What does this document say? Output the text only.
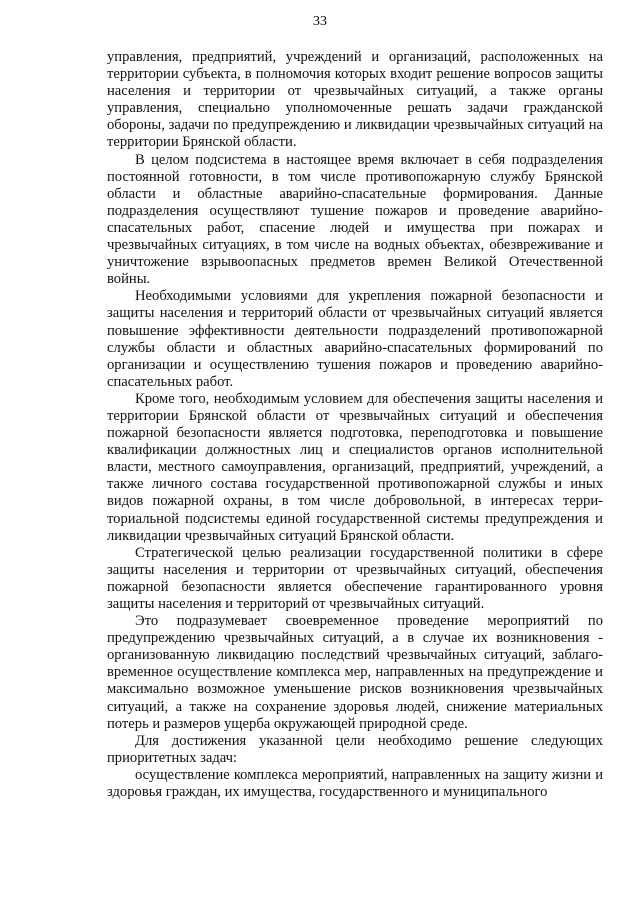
33

управления, предприятий, учреждений и организаций, расположенных на территории субъекта, в полномочия которых входит решение вопросов защиты населения и территории от чрезвычайных ситуаций, а также органы управления, специально уполномоченные решать задачи гражданской обороны, задачи по предупреждению и ликвидации чрезвычайных ситуаций на территории Брянской области.

В целом подсистема в настоящее время включает в себя подразделения постоянной готовности, в том числе противопожарную службу Брянской области и областные аварийно-спасательные формирования. Данные подразделения осуществляют тушение пожаров и проведение аварийно-спасательных работ, спасение людей и имущества при пожарах и чрезвычайных ситуациях, в том числе на водных объектах, обезвреживание и уничтожение взрывоопасных предметов времен Великой Отечественной войны.

Необходимыми условиями для укрепления пожарной безопасности и защиты населения и территорий области от чрезвычайных ситуаций является повышение эффективности деятельности подразделений противопожарной службы области и областных аварийно-спасательных формирований по организации и осуществлению тушения пожаров и проведению аварийно-спасательных работ.

Кроме того, необходимым условием для обеспечения защиты населения и территории Брянской области от чрезвычайных ситуаций и обеспечения пожарной безопасности является подготовка, переподготовка и повышение квалификации должностных лиц и специалистов органов исполнительной власти, местного самоуправления, организаций, предприятий, учреждений, а также личного состава государственной противопожарной службы и иных видов пожарной охраны, в том числе добровольной, в интересах территориальной подсистемы единой государственной системы предупреждения и ликвидации чрезвычайных ситуаций Брянской области.

Стратегической целью реализации государственной политики в сфере защиты населения и территории от чрезвычайных ситуаций, обеспечения пожарной безопасности является обеспечение гарантированного уровня защиты населения и территорий от чрезвычайных ситуаций.

Это подразумевает своевременное проведение мероприятий по предупреждению чрезвычайных ситуаций, а в случае их возникновения - организованную ликвидацию последствий чрезвычайных ситуаций, заблаговременное осуществление комплекса мер, направленных на предупреждение и максимально возможное уменьшение рисков возникновения чрезвычайных ситуаций, а также на сохранение здоровья людей, снижение материальных потерь и размеров ущерба окружающей природной среде.

Для достижения указанной цели необходимо решение следующих приоритетных задач:

осуществление комплекса мероприятий, направленных на защиту жизни и здоровья граждан, их имущества, государственного и муниципального
